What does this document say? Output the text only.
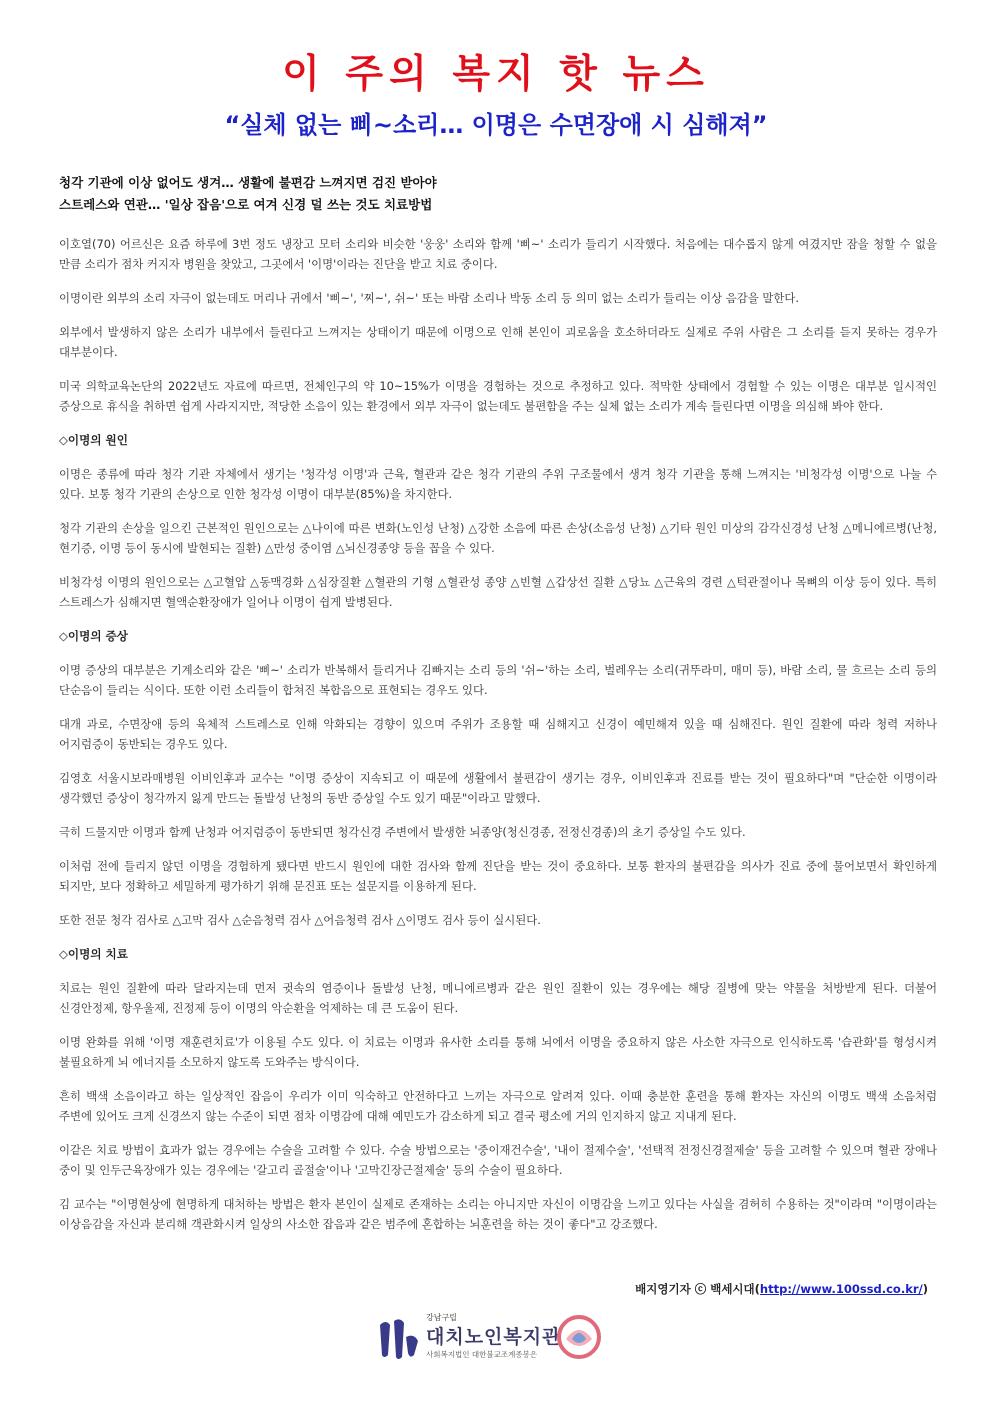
이 주의 복지 핫 뉴스
“실체 없는 삐~소리… 이명은 수면장애 시 심해져”
청각 기관에 이상 없어도 생겨… 생활에 불편감 느껴지면 검진 받아야
스트레스와 연관… '일상 잡음'으로 여겨 신경 덜 쓰는 것도 치료방법

이호열(70) 어르신은 요즘 하루에 3번 정도 냉장고 모터 소리와 비슷한 '웅웅' 소리와 함께 '삐~' 소리가 들리기 시작했다. 처음에는 대수롭지 않게 여겼지만 잠을 청할 수 없을 만큼 소리가 점차 커지자 병원을 찾았고, 그곳에서 '이명'이라는 진단을 받고 치료 중이다.

이명이란 외부의 소리 자극이 없는데도 머리나 귀에서 '삐~', '찌~', 쉬~' 또는 바람 소리나 박동 소리 등 의미 없는 소리가 들리는 이상 음감을 말한다.

외부에서 발생하지 않은 소리가 내부에서 들린다고 느껴지는 상태이기 때문에 이명으로 인해 본인이 괴로움을 호소하더라도 실제로 주위 사람은 그 소리를 듣지 못하는 경우가 대부분이다.

미국 의학교육논단의 2022년도 자료에 따르면, 전체인구의 약 10~15%가 이명을 경험하는 것으로 추정하고 있다. 적막한 상태에서 경험할 수 있는 이명은 대부분 일시적인 증상으로 휴식을 취하면 쉽게 사라지지만, 적당한 소음이 있는 환경에서 외부 자극이 없는데도 불편함을 주는 실체 없는 소리가 계속 들린다면 이명을 의심해 봐야 한다.

◇이명의 원인

이명은 종류에 따라 청각 기관 자체에서 생기는 '청각성 이명'과 근육, 혈관과 같은 청각 기관의 주위 구조물에서 생겨 청각 기관을 통해 느껴지는 '비청각성 이명'으로 나눌 수 있다. 보통 청각 기관의 손상으로 인한 청각성 이명이 대부분(85%)을 차지한다.

청각 기관의 손상을 일으킨 근본적인 원인으로는 △나이에 따른 변화(노인성 난청) △강한 소음에 따른 손상(소음성 난청) △기타 원인 미상의 감각신경성 난청 △메니에르병(난청, 현기증, 이명 등이 동시에 발현되는 질환) △만성 중이염 △뇌신경종양 등을 꼽을 수 있다.

비청각성 이명의 원인으로는 △고혈압 △동맥경화 △심장질환 △혈관의 기형 △혈관성 종양 △빈혈 △갑상선 질환 △당뇨 △근육의 경련 △턱관절이나 목뼈의 이상 등이 있다. 특히 스트레스가 심해지면 혈액순환장애가 일어나 이명이 쉽게 발병된다.

◇이명의 증상

이명 증상의 대부분은 기계소리와 같은 '삐~' 소리가 반복해서 들리거나 김빠지는 소리 등의 '쉬~'하는 소리, 벌레우는 소리(귀뚜라미, 매미 등), 바람 소리, 물 흐르는 소리 등의 단순음이 들리는 식이다. 또한 이런 소리들이 합쳐진 복합음으로 표현되는 경우도 있다.

대개 과로, 수면장애 등의 육체적 스트레스로 인해 악화되는 경향이 있으며 주위가 조용할 때 심해지고 신경이 예민해져 있을 때 심해진다. 원인 질환에 따라 청력 저하나 어지럼증이 동반되는 경우도 있다.

김영호 서울시보라매병원 이비인후과 교수는 "이명 증상이 지속되고 이 때문에 생활에서 불편감이 생기는 경우, 이비인후과 진료를 받는 것이 필요하다"며 "단순한 이명이라 생각했던 증상이 청각까지 잃게 만드는 돌발성 난청의 동반 증상일 수도 있기 때문"이라고 말했다.

극히 드물지만 이명과 함께 난청과 어지럼증이 동반되면 청각신경 주변에서 발생한 뇌종양(청신경종, 전정신경종)의 초기 증상일 수도 있다.

이처럼 전에 들리지 않던 이명을 경험하게 됐다면 반드시 원인에 대한 검사와 함께 진단을 받는 것이 중요하다. 보통 환자의 불편감을 의사가 진료 중에 물어보면서 확인하게 되지만, 보다 정확하고 세밀하게 평가하기 위해 문진표 또는 설문지를 이용하게 된다.

또한 전문 청각 검사로 △고막 검사 △순음청력 검사 △어음청력 검사 △이명도 검사 등이 실시된다.

◇이명의 치료

치료는 원인 질환에 따라 달라지는데 먼저 귓속의 염증이나 돌발성 난청, 메니에르병과 같은 원인 질환이 있는 경우에는 해당 질병에 맞는 약물을 처방받게 된다. 더불어 신경안정제, 항우울제, 진정제 등이 이명의 악순환을 억제하는 데 큰 도움이 된다.

이명 완화를 위해 '이명 재훈련치료'가 이용될 수도 있다. 이 치료는 이명과 유사한 소리를 통해 뇌에서 이명을 중요하지 않은 사소한 자극으로 인식하도록 '습관화'를 형성시켜 불필요하게 뇌 에너지를 소모하지 않도록 도와주는 방식이다.

흔히 백색 소음이라고 하는 일상적인 잡음이 우리가 이미 익숙하고 안전하다고 느끼는 자극으로 알려져 있다. 이때 충분한 훈련을 통해 환자는 자신의 이명도 백색 소음처럼 주변에 있어도 크게 신경쓰지 않는 수준이 되면 점차 이명감에 대해 예민도가 감소하게 되고 결국 평소에 거의 인지하지 않고 지내게 된다.

이같은 치료 방법이 효과가 없는 경우에는 수술을 고려할 수 있다. 수술 방법으로는 '중이재건수술', '내이 절제수술', '선택적 전정신경절제술' 등을 고려할 수 있으며 혈관 장애나 중이 및 인두근육장애가 있는 경우에는 '갈고리 골절술'이나 '고막긴장근절제술' 등의 수술이 필요하다.

김 교수는 "이명현상에 현명하게 대처하는 방법은 환자 본인이 실제로 존재하는 소리는 아니지만 자신이 이명감을 느끼고 있다는 사실을 겸허히 수용하는 것"이라며 "이명이라는 이상음감을 자신과 분리해 객관화시켜 일상의 사소한 잡음과 같은 범주에 혼합하는 뇌훈련을 하는 것이 좋다"고 강조했다.

배지영기자 ⓒ 백세시대(http://www.100ssd.co.kr/)
강남구립
대치노인복지관
사회복지법인 대한불교조계종봉은
